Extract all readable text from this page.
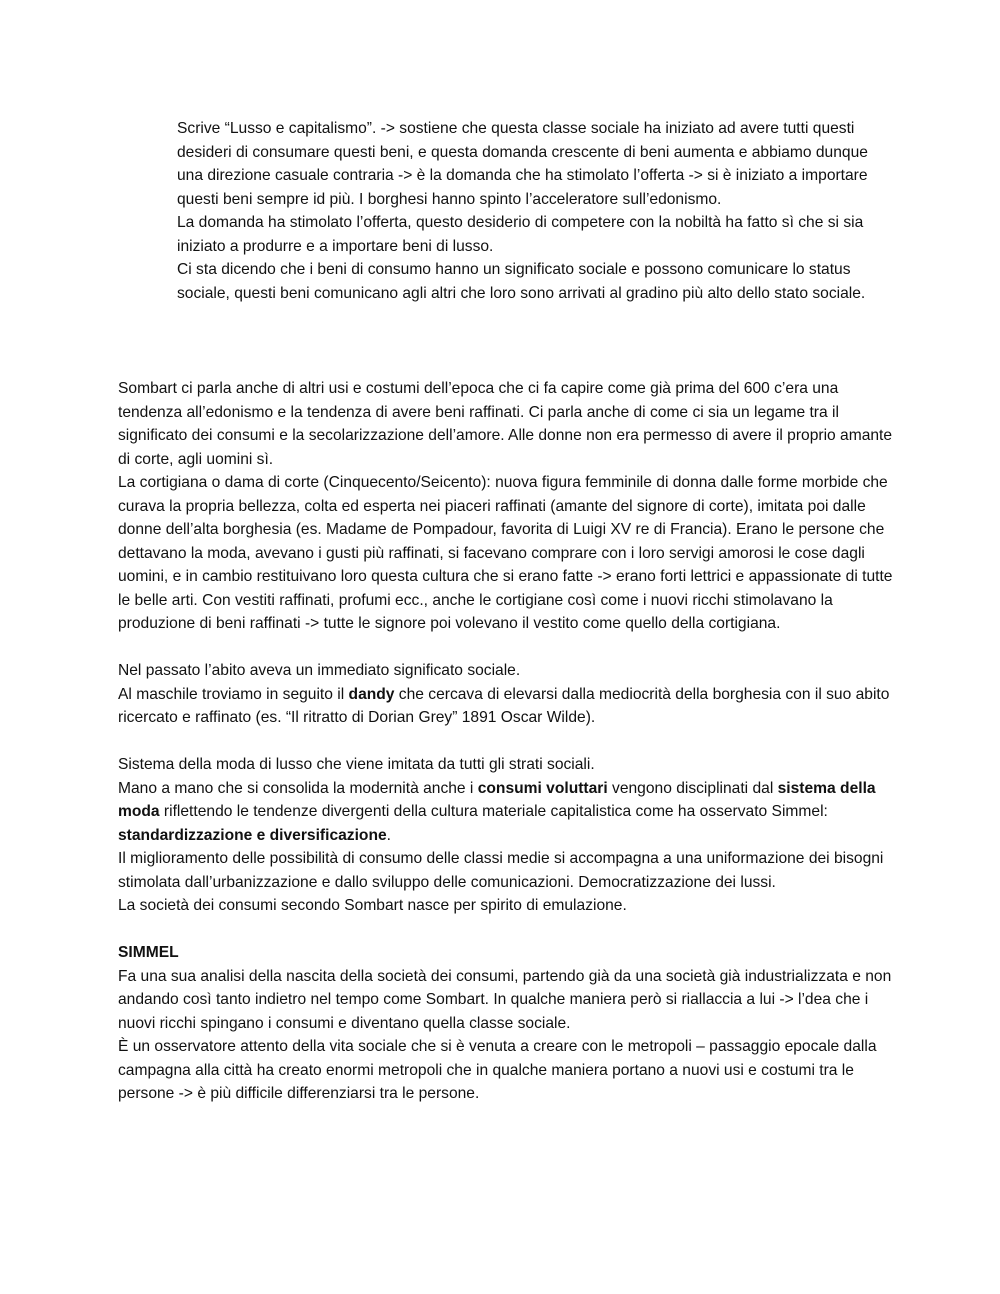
Scrive “Lusso e capitalismo”. -> sostiene che questa classe sociale ha iniziato ad avere tutti questi desideri di consumare questi beni, e questa domanda crescente di beni aumenta e abbiamo dunque una direzione casuale contraria -> è la domanda che ha stimolato l’offerta -> si è iniziato a importare questi beni sempre id più. I borghesi hanno spinto l’acceleratore sull’edonismo.

La domanda ha stimolato l’offerta, questo desiderio di competere con la nobiltà ha fatto sì che si sia iniziato a produrre e a importare beni di lusso.

Ci sta dicendo che i beni di consumo hanno un significato sociale e possono comunicare lo status sociale, questi beni comunicano agli altri che loro sono arrivati al gradino più alto dello stato sociale.

Sombart ci parla anche di altri usi e costumi dell’epoca che ci fa capire come già prima del 600 c’era una tendenza all’edonismo e la tendenza di avere beni raffinati. Ci parla anche di come ci sia un legame tra il significato dei consumi e la secolarizzazione dell’amore. Alle donne non era permesso di avere il proprio amante di corte, agli uomini sì.

La cortigiana o dama di corte (Cinquecento/Seicento): nuova figura femminile di donna dalle forme morbide che curava la propria bellezza, colta ed esperta nei piaceri raffinati (amante del signore di corte), imitata poi dalle donne dell’alta borghesia (es. Madame de Pompadour, favorita di Luigi XV re di Francia). Erano le persone che dettavano la moda, avevano i gusti più raffinati, si facevano comprare con i loro servigi amorosi le cose dagli uomini, e in cambio restituivano loro questa cultura che si erano fatte -> erano forti lettrici e appassionate di tutte le belle arti. Con vestiti raffinati, profumi ecc., anche le cortigiane così come i nuovi ricchi stimolavano la produzione di beni raffinati -> tutte le signore poi volevano il vestito come quello della cortigiana.

Nel passato l’abito aveva un immediato significato sociale.

Al maschile troviamo in seguito il dandy che cercava di elevarsi dalla mediocrità della borghesia con il suo abito ricercato e raffinato (es. “Il ritratto di Dorian Grey” 1891 Oscar Wilde).

Sistema della moda di lusso che viene imitata da tutti gli strati sociali.

Mano a mano che si consolida la modernità anche i consumi voluttari vengono disciplinati dal sistema della moda riflettendo le tendenze divergenti della cultura materiale capitalistica come ha osservato Simmel: standardizzazione e diversificazione.

Il miglioramento delle possibilità di consumo delle classi medie si accompagna a una uniformazione dei bisogni stimolata dall’urbanizzazione e dallo sviluppo delle comunicazioni. Democratizzazione dei lussi.

La società dei consumi secondo Sombart nasce per spirito di emulazione.

SIMMEL

Fa una sua analisi della nascita della società dei consumi, partendo già da una società già industrializzata e non andando così tanto indietro nel tempo come Sombart. In qualche maniera però si riallaccia a lui -> l’dea che i nuovi ricchi spingano i consumi e diventano quella classe sociale.

È un osservatore attento della vita sociale che si è venuta a creare con le metropoli – passaggio epocale dalla campagna alla città ha creato enormi metropoli che in qualche maniera portano a nuovi usi e costumi tra le persone -> è più difficile differenziarsi tra le persone.
